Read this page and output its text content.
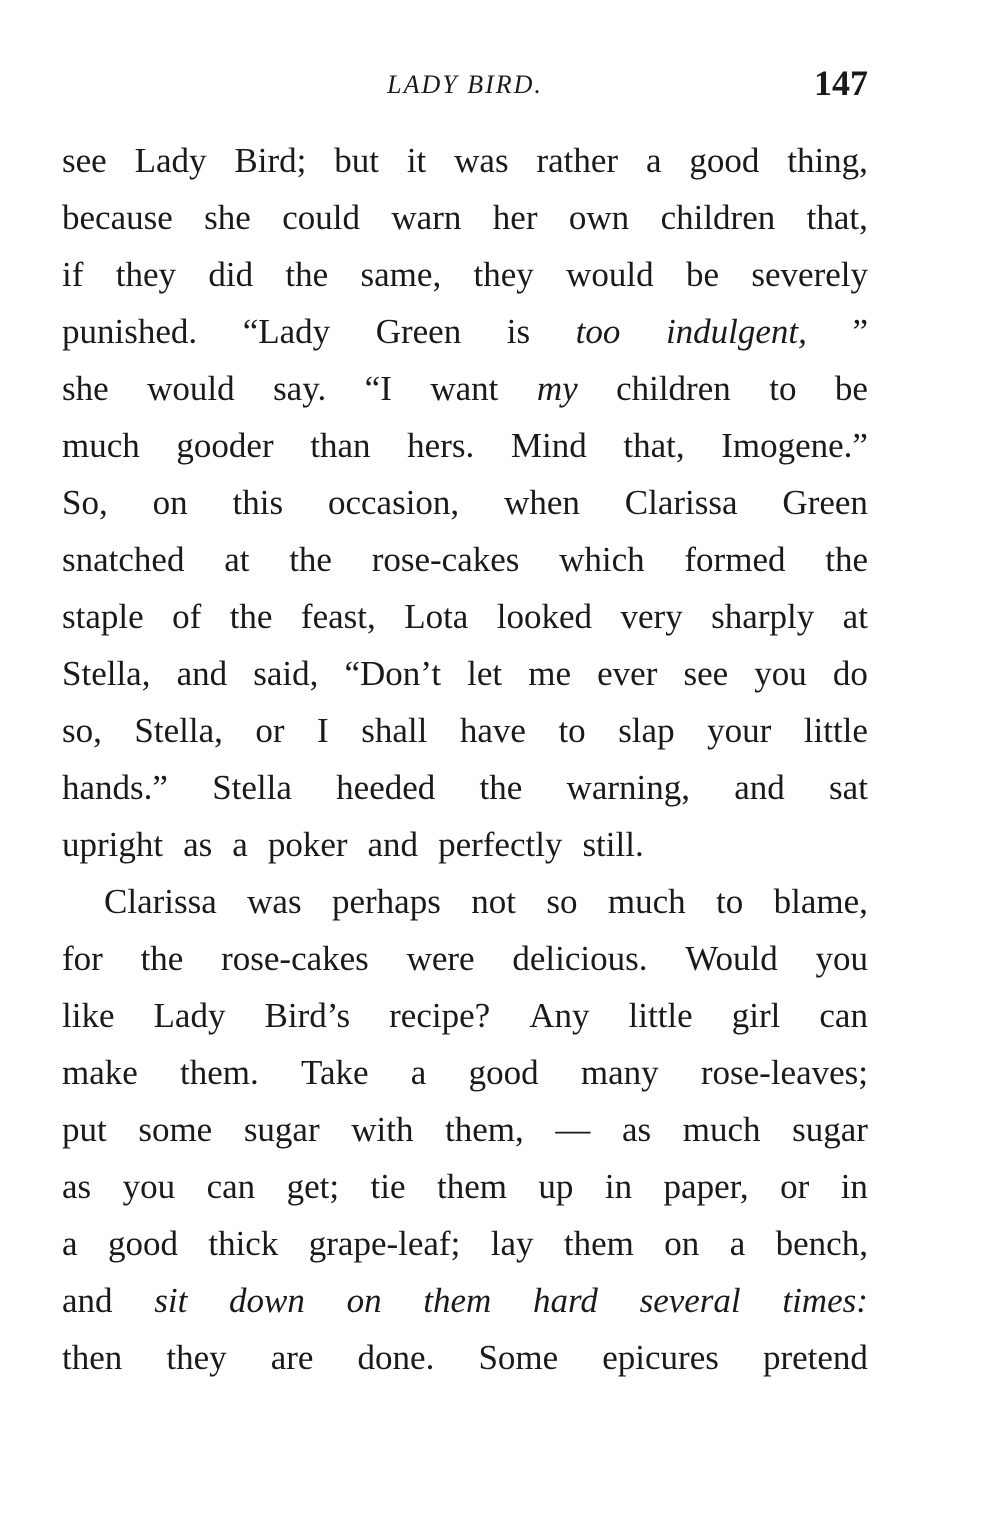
LADY BIRD.	147
see Lady Bird; but it was rather a good thing,
because she could warn her own children that,
if they did the same, they would be severely
punished. “Lady Green is too indulgent, ”
she would say. “I want my children to be
much gooder than hers. Mind that, Imogene.”
So, on this occasion, when Clarissa Green
snatched at the rose-cakes which formed the
staple of the feast, Lota looked very sharply at
Stella, and said, “Don’t let me ever see you do
so, Stella, or I shall have to slap your little
hands.” Stella heeded the warning, and sat
upright as a poker and perfectly still.
Clarissa was perhaps not so much to blame,
for the rose-cakes were delicious. Would you
like Lady Bird’s recipe? Any little girl can
make them. Take a good many rose-leaves;
put some sugar with them, — as much sugar
as you can get; tie them up in paper, or in
a good thick grape-leaf; lay them on a bench,
and sit down on them hard several times:
then they are done. Some epicures pretend
